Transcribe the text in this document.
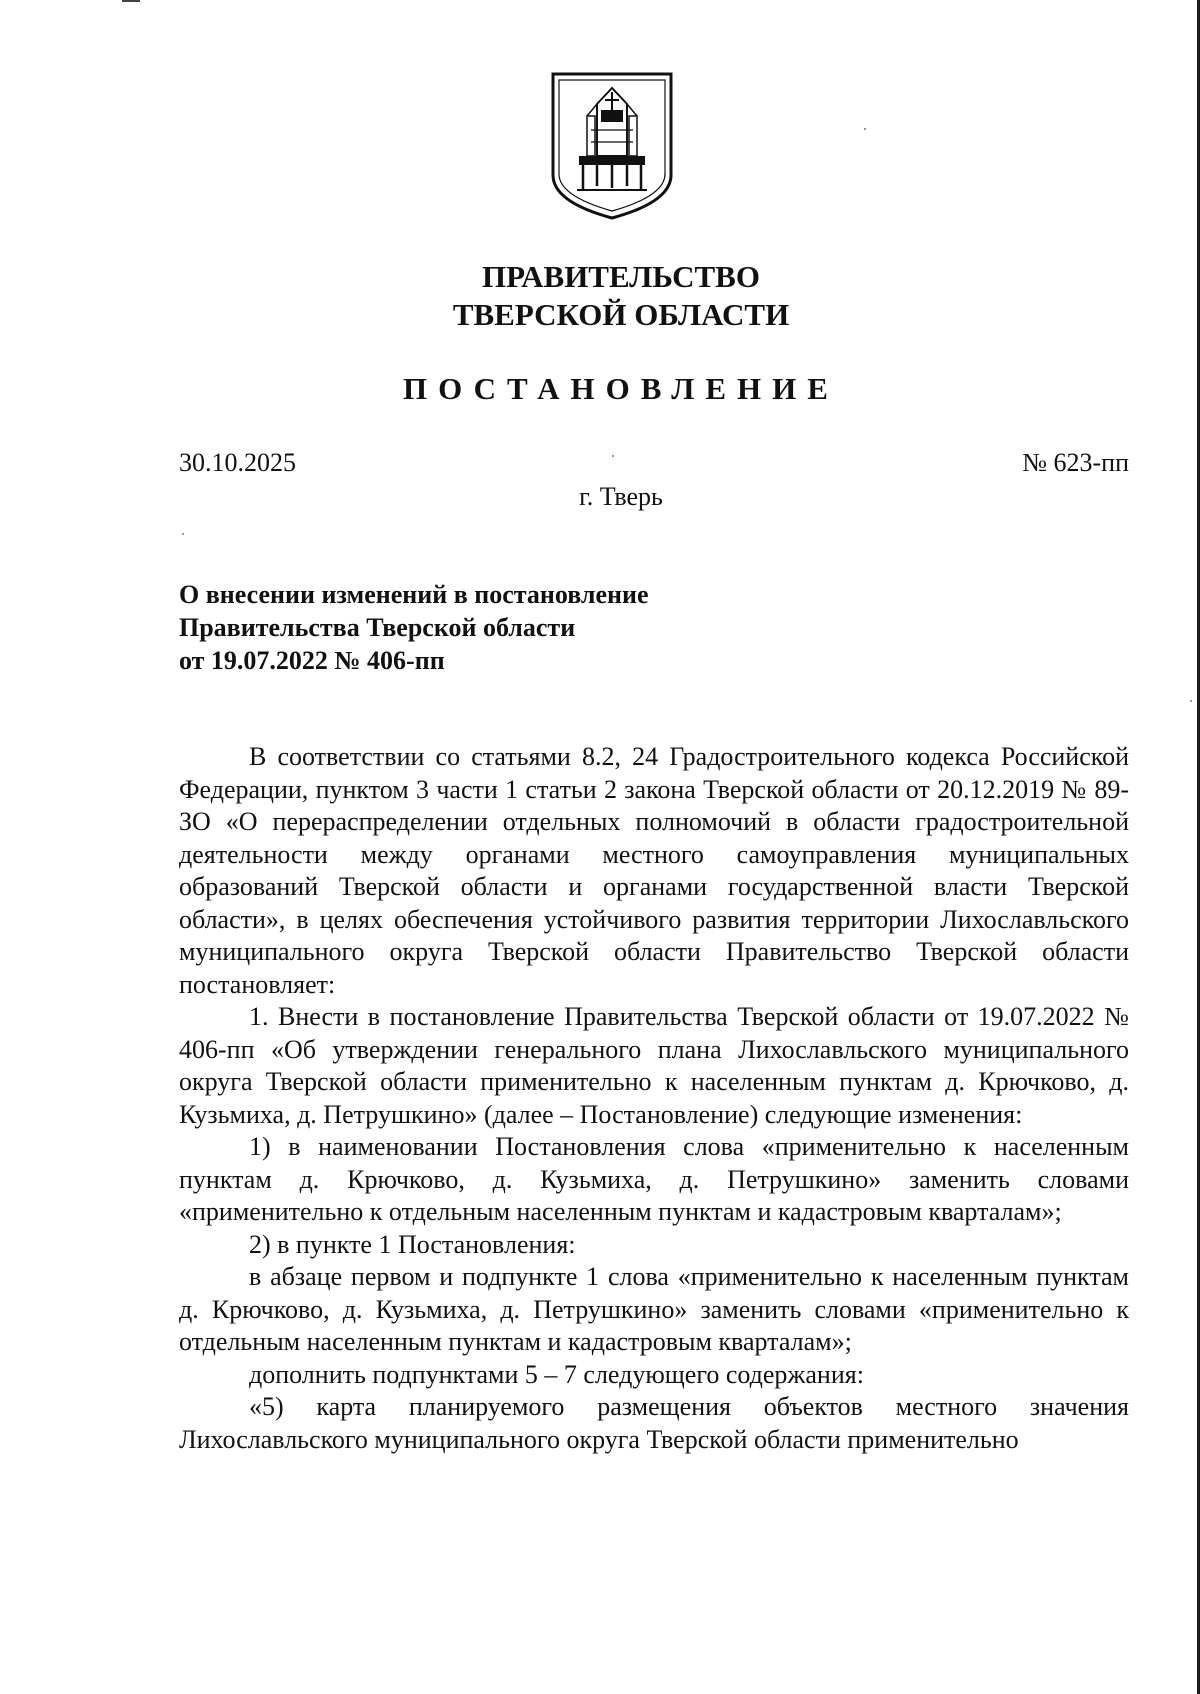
ПРАВИТЕЛЬСТВО
ТВЕРСКОЙ ОБЛАСТИ
ПОСТАНОВЛЕНИЕ
30.10.2025	№ 623-пп
г. Тверь
О внесении изменений в постановление
Правительства Тверской области
от 19.07.2022 № 406-пп

В соответствии со статьями 8.2, 24 Градостроительного кодекса Российской Федерации, пунктом 3 части 1 статьи 2 закона Тверской области от 20.12.2019 № 89-ЗО «О перераспределении отдельных полномочий в области градостроительной деятельности между органами местного самоуправления муниципальных образований Тверской области и органами государственной власти Тверской области», в целях обеспечения устойчивого развития территории Лихославльского муниципального округа Тверской области Правительство Тверской области постановляет:

1. Внести в постановление Правительства Тверской области от 19.07.2022 № 406-пп «Об утверждении генерального плана Лихославльского муниципального округа Тверской области применительно к населенным пунктам д. Крючково, д. Кузьмиха, д. Петрушкино» (далее – Постановление) следующие изменения:

1) в наименовании Постановления слова «применительно к населенным пунктам д. Крючково, д. Кузьмиха, д. Петрушкино» заменить словами «применительно к отдельным населенным пунктам и кадастровым кварталам»;

2) в пункте 1 Постановления:

в абзаце первом и подпункте 1 слова «применительно к населенным пунктам д. Крючково, д. Кузьмиха, д. Петрушкино» заменить словами «применительно к отдельным населенным пунктам и кадастровым кварталам»;

дополнить подпунктами 5 – 7 следующего содержания:

«5) карта планируемого размещения объектов местного значения Лихославльского муниципального округа Тверской области применительно
